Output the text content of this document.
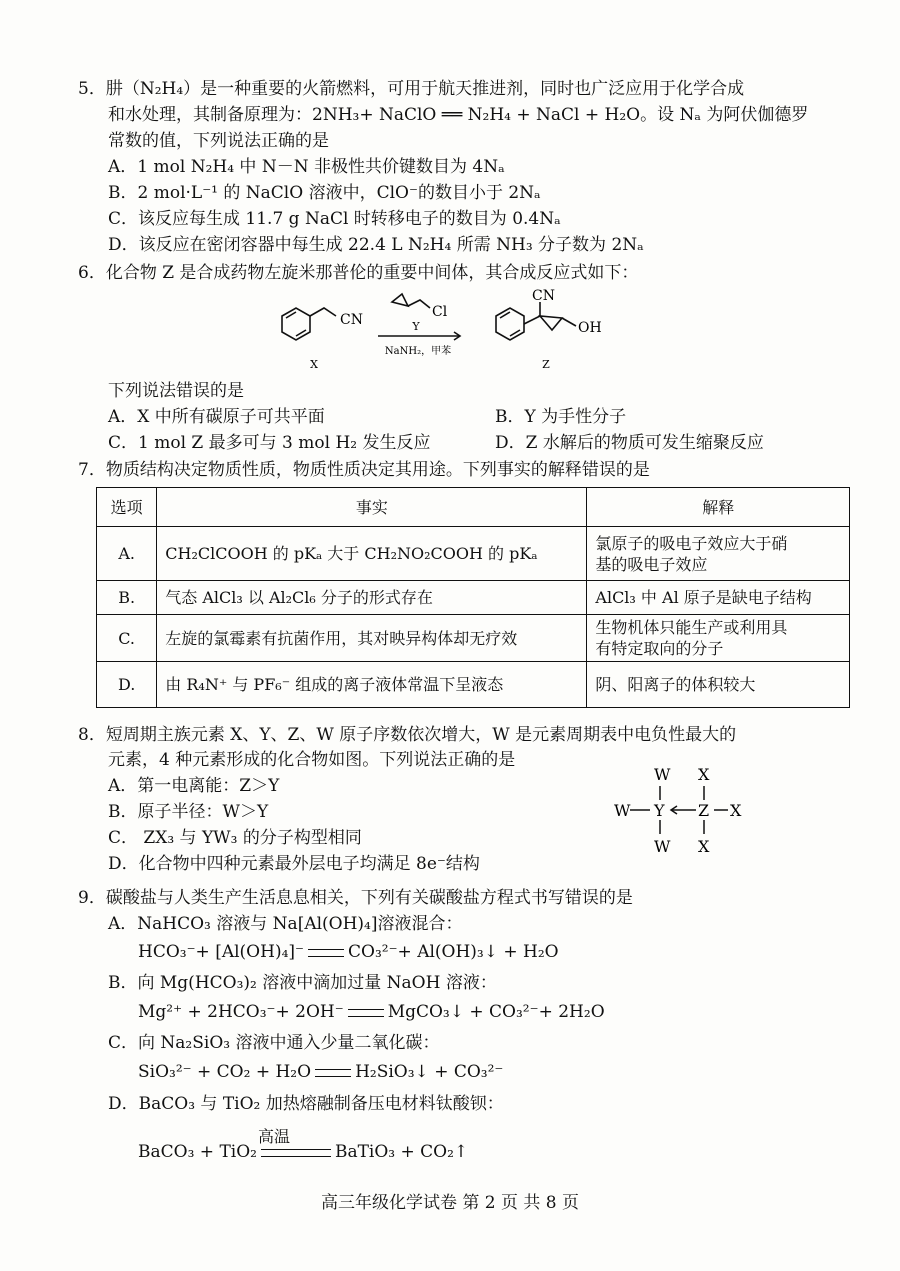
5．肼（N₂H₄）是一种重要的火箭燃料，可用于航天推进剂，同时也广泛应用于化学合成
和水处理，其制备原理为：2NH₃+ NaClO ══ N₂H₄ + NaCl + H₂O。设 Nₐ 为阿伏伽德罗
常数的值，下列说法正确的是
A．1 mol N₂H₄ 中 N－N 非极性共价键数目为 4Nₐ
B．2 mol·L⁻¹ 的 NaClO 溶液中，ClO⁻的数目小于 2Nₐ
C．该反应每生成 11.7 g NaCl 时转移电子的数目为 0.4Nₐ
D．该反应在密闭容器中每生成 22.4 L N₂H₄ 所需 NH₃ 分子数为 2Nₐ
6．化合物 Z 是合成药物左旋米那普伦的重要中间体，其合成反应式如下：
CN	Cl
Y
NaNH₂，甲苯
CN
OH
X	Z
下列说法错误的是
A．X 中所有碳原子可共平面	B．Y 为手性分子
C．1 mol Z 最多可与 3 mol H₂ 发生反应	D．Z 水解后的物质可发生缩聚反应
7．物质结构决定物质性质，物质性质决定其用途。下列事实的解释错误的是
选项	事实	解释
A.	CH₂ClCOOH 的 pKₐ 大于 CH₂NO₂COOH 的 pKₐ	氯原子的吸电子效应大于硝
基的吸电子效应

B.	气态 AlCl₃ 以 Al₂Cl₆ 分子的形式存在	AlCl₃ 中 Al 原子是缺电子结构
C.	左旋的氯霉素有抗菌作用，其对映异构体却无疗效	生物机体只能生产或利用具
有特定取向的分子

D.	由 R₄N⁺ 与 PF₆⁻ 组成的离子液体常温下呈液态	阴、阳离子的体积较大
8．短周期主族元素 X、Y、Z、W 原子序数依次增大，W 是元素周期表中电负性最大的
元素，4 种元素形成的化合物如图。下列说法正确的是
A．第一电离能：Z＞Y
B．原子半径：W＞Y
C． ZX₃ 与 YW₃ 的分子构型相同
D．化合物中四种元素最外层电子均满足 8e⁻结构
W X
W Y Z X
W X
9．碳酸盐与人类生产生活息息相关，下列有关碳酸盐方程式书写错误的是
A．NaHCO₃ 溶液与 Na[Al(OH)₄]溶液混合：
HCO₃⁻+ [Al(OH)₄]⁻	CO₃²⁻+ Al(OH)₃↓ + H₂O
B．向 Mg(HCO₃)₂ 溶液中滴加过量 NaOH 溶液：
Mg²⁺ + 2HCO₃⁻+ 2OH⁻	MgCO₃↓ + CO₃²⁻+ 2H₂O
C．向 Na₂SiO₃ 溶液中通入少量二氧化碳：
SiO₃²⁻ + CO₂ + H₂O	H₂SiO₃↓ + CO₃²⁻
D．BaCO₃ 与 TiO₂ 加热熔融制备压电材料钛酸钡：
高温
BaCO₃ + TiO₂	BaTiO₃ + CO₂↑
高三年级化学试卷 第 2 页 共 8 页
